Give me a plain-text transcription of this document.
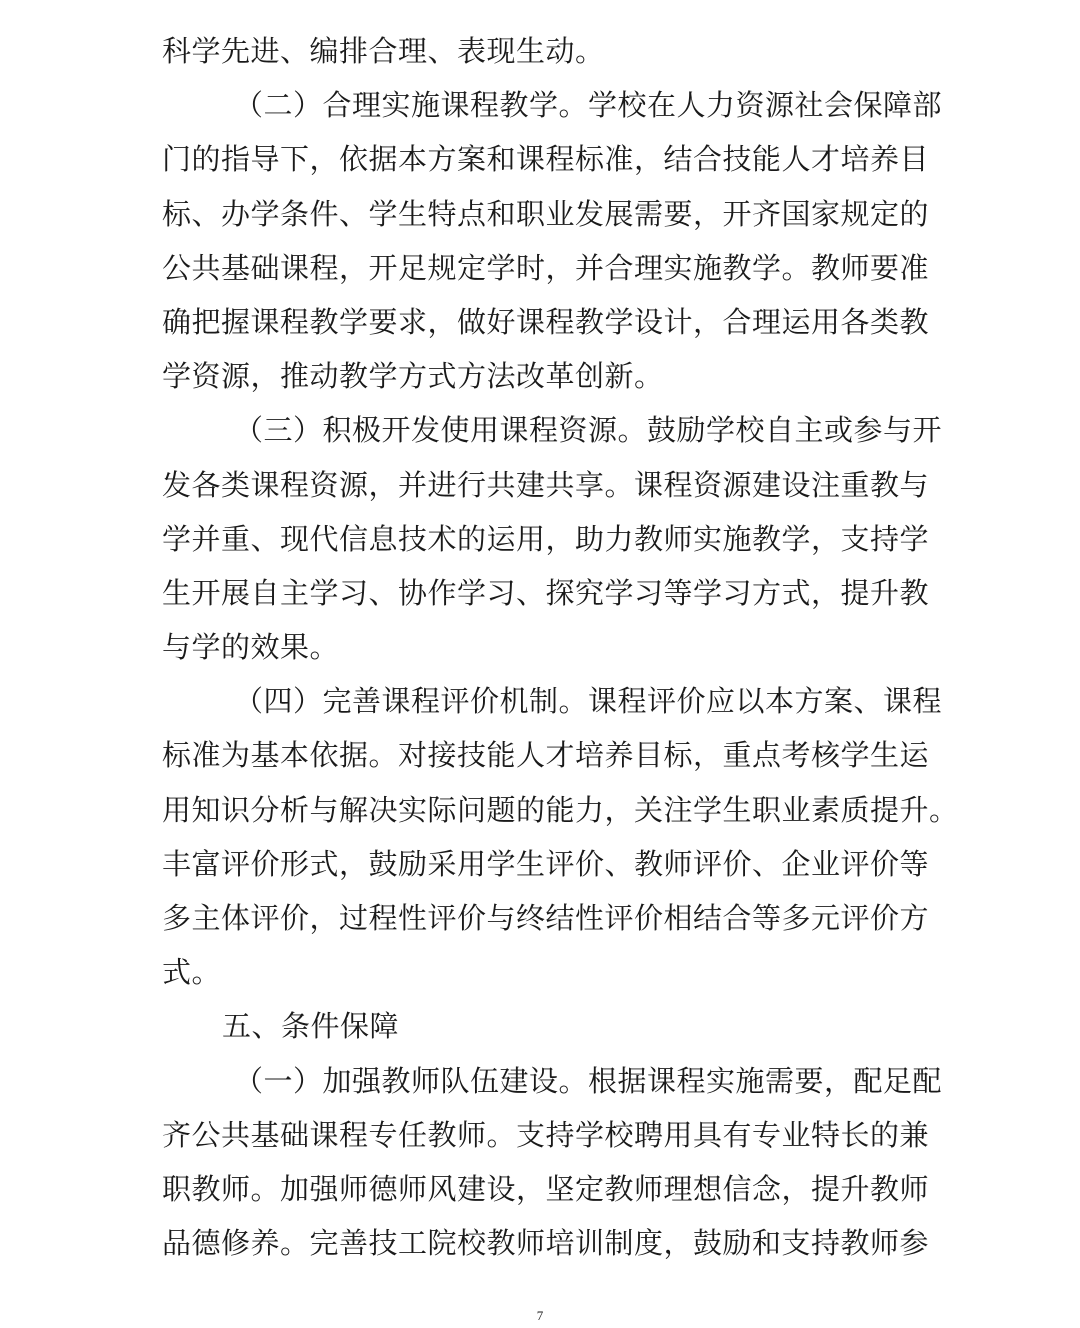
科学先进、编排合理、表现生动。
（二）合理实施课程教学。学校在人力资源社会保障部
门的指导下，依据本方案和课程标准，结合技能人才培养目
标、办学条件、学生特点和职业发展需要，开齐国家规定的
公共基础课程，开足规定学时，并合理实施教学。教师要准
确把握课程教学要求，做好课程教学设计，合理运用各类教
学资源，推动教学方式方法改革创新。
（三）积极开发使用课程资源。鼓励学校自主或参与开
发各类课程资源，并进行共建共享。课程资源建设注重教与
学并重、现代信息技术的运用，助力教师实施教学，支持学
生开展自主学习、协作学习、探究学习等学习方式，提升教
与学的效果。
（四）完善课程评价机制。课程评价应以本方案、课程
标准为基本依据。对接技能人才培养目标，重点考核学生运
用知识分析与解决实际问题的能力，关注学生职业素质提升。
丰富评价形式，鼓励采用学生评价、教师评价、企业评价等
多主体评价，过程性评价与终结性评价相结合等多元评价方
式。
五、条件保障
（一）加强教师队伍建设。根据课程实施需要，配足配
齐公共基础课程专任教师。支持学校聘用具有专业特长的兼
职教师。加强师德师风建设，坚定教师理想信念，提升教师
品德修养。完善技工院校教师培训制度，鼓励和支持教师参
7
